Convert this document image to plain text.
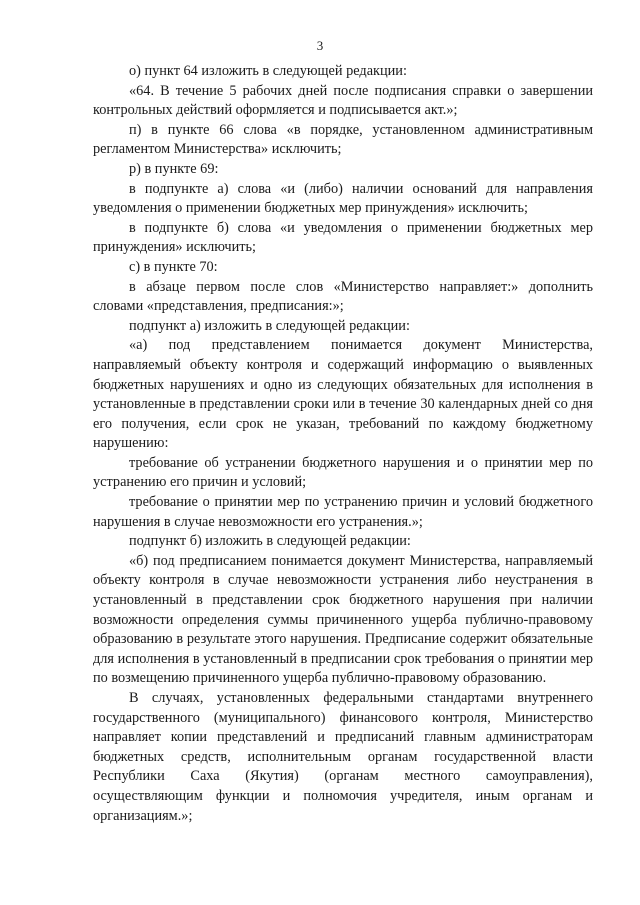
3

о) пункт 64 изложить в следующей редакции:

«64. В течение 5 рабочих дней после подписания справки о завершении контрольных действий оформляется и подписывается акт.»;

п) в пункте 66 слова «в порядке, установленном административным регламентом Министерства» исключить;

р) в пункте 69:

в подпункте а) слова «и (либо) наличии оснований для направления уведомления о применении бюджетных мер принуждения» исключить;

в подпункте б) слова «и уведомления о применении бюджетных мер принуждения» исключить;

с) в пункте 70:

в абзаце первом после слов «Министерство направляет:» дополнить словами «представления, предписания:»;

подпункт а) изложить в следующей редакции:

«а) под представлением понимается документ Министерства, направляемый объекту контроля и содержащий информацию о выявленных бюджетных нарушениях и одно из следующих обязательных для исполнения в установленные в представлении сроки или в течение 30 календарных дней со дня его получения, если срок не указан, требований по каждому бюджетному нарушению:

требование об устранении бюджетного нарушения и о принятии мер по устранению его причин и условий;

требование о принятии мер по устранению причин и условий бюджетного нарушения в случае невозможности его устранения.»;

подпункт б) изложить в следующей редакции:

«б) под предписанием понимается документ Министерства, направляемый объекту контроля в случае невозможности устранения либо неустранения в установленный в представлении срок бюджетного нарушения при наличии возможности определения суммы причиненного ущерба публично-правовому образованию в результате этого нарушения. Предписание содержит обязательные для исполнения в установленный в предписании срок требования о принятии мер по возмещению причиненного ущерба публично-правовому образованию.

В случаях, установленных федеральными стандартами внутреннего государственного (муниципального) финансового контроля, Министерство направляет копии представлений и предписаний главным администраторам бюджетных средств, исполнительным органам государственной власти Республики Саха (Якутия) (органам местного самоуправления), осуществляющим функции и полномочия учредителя, иным органам и организациям.»;
